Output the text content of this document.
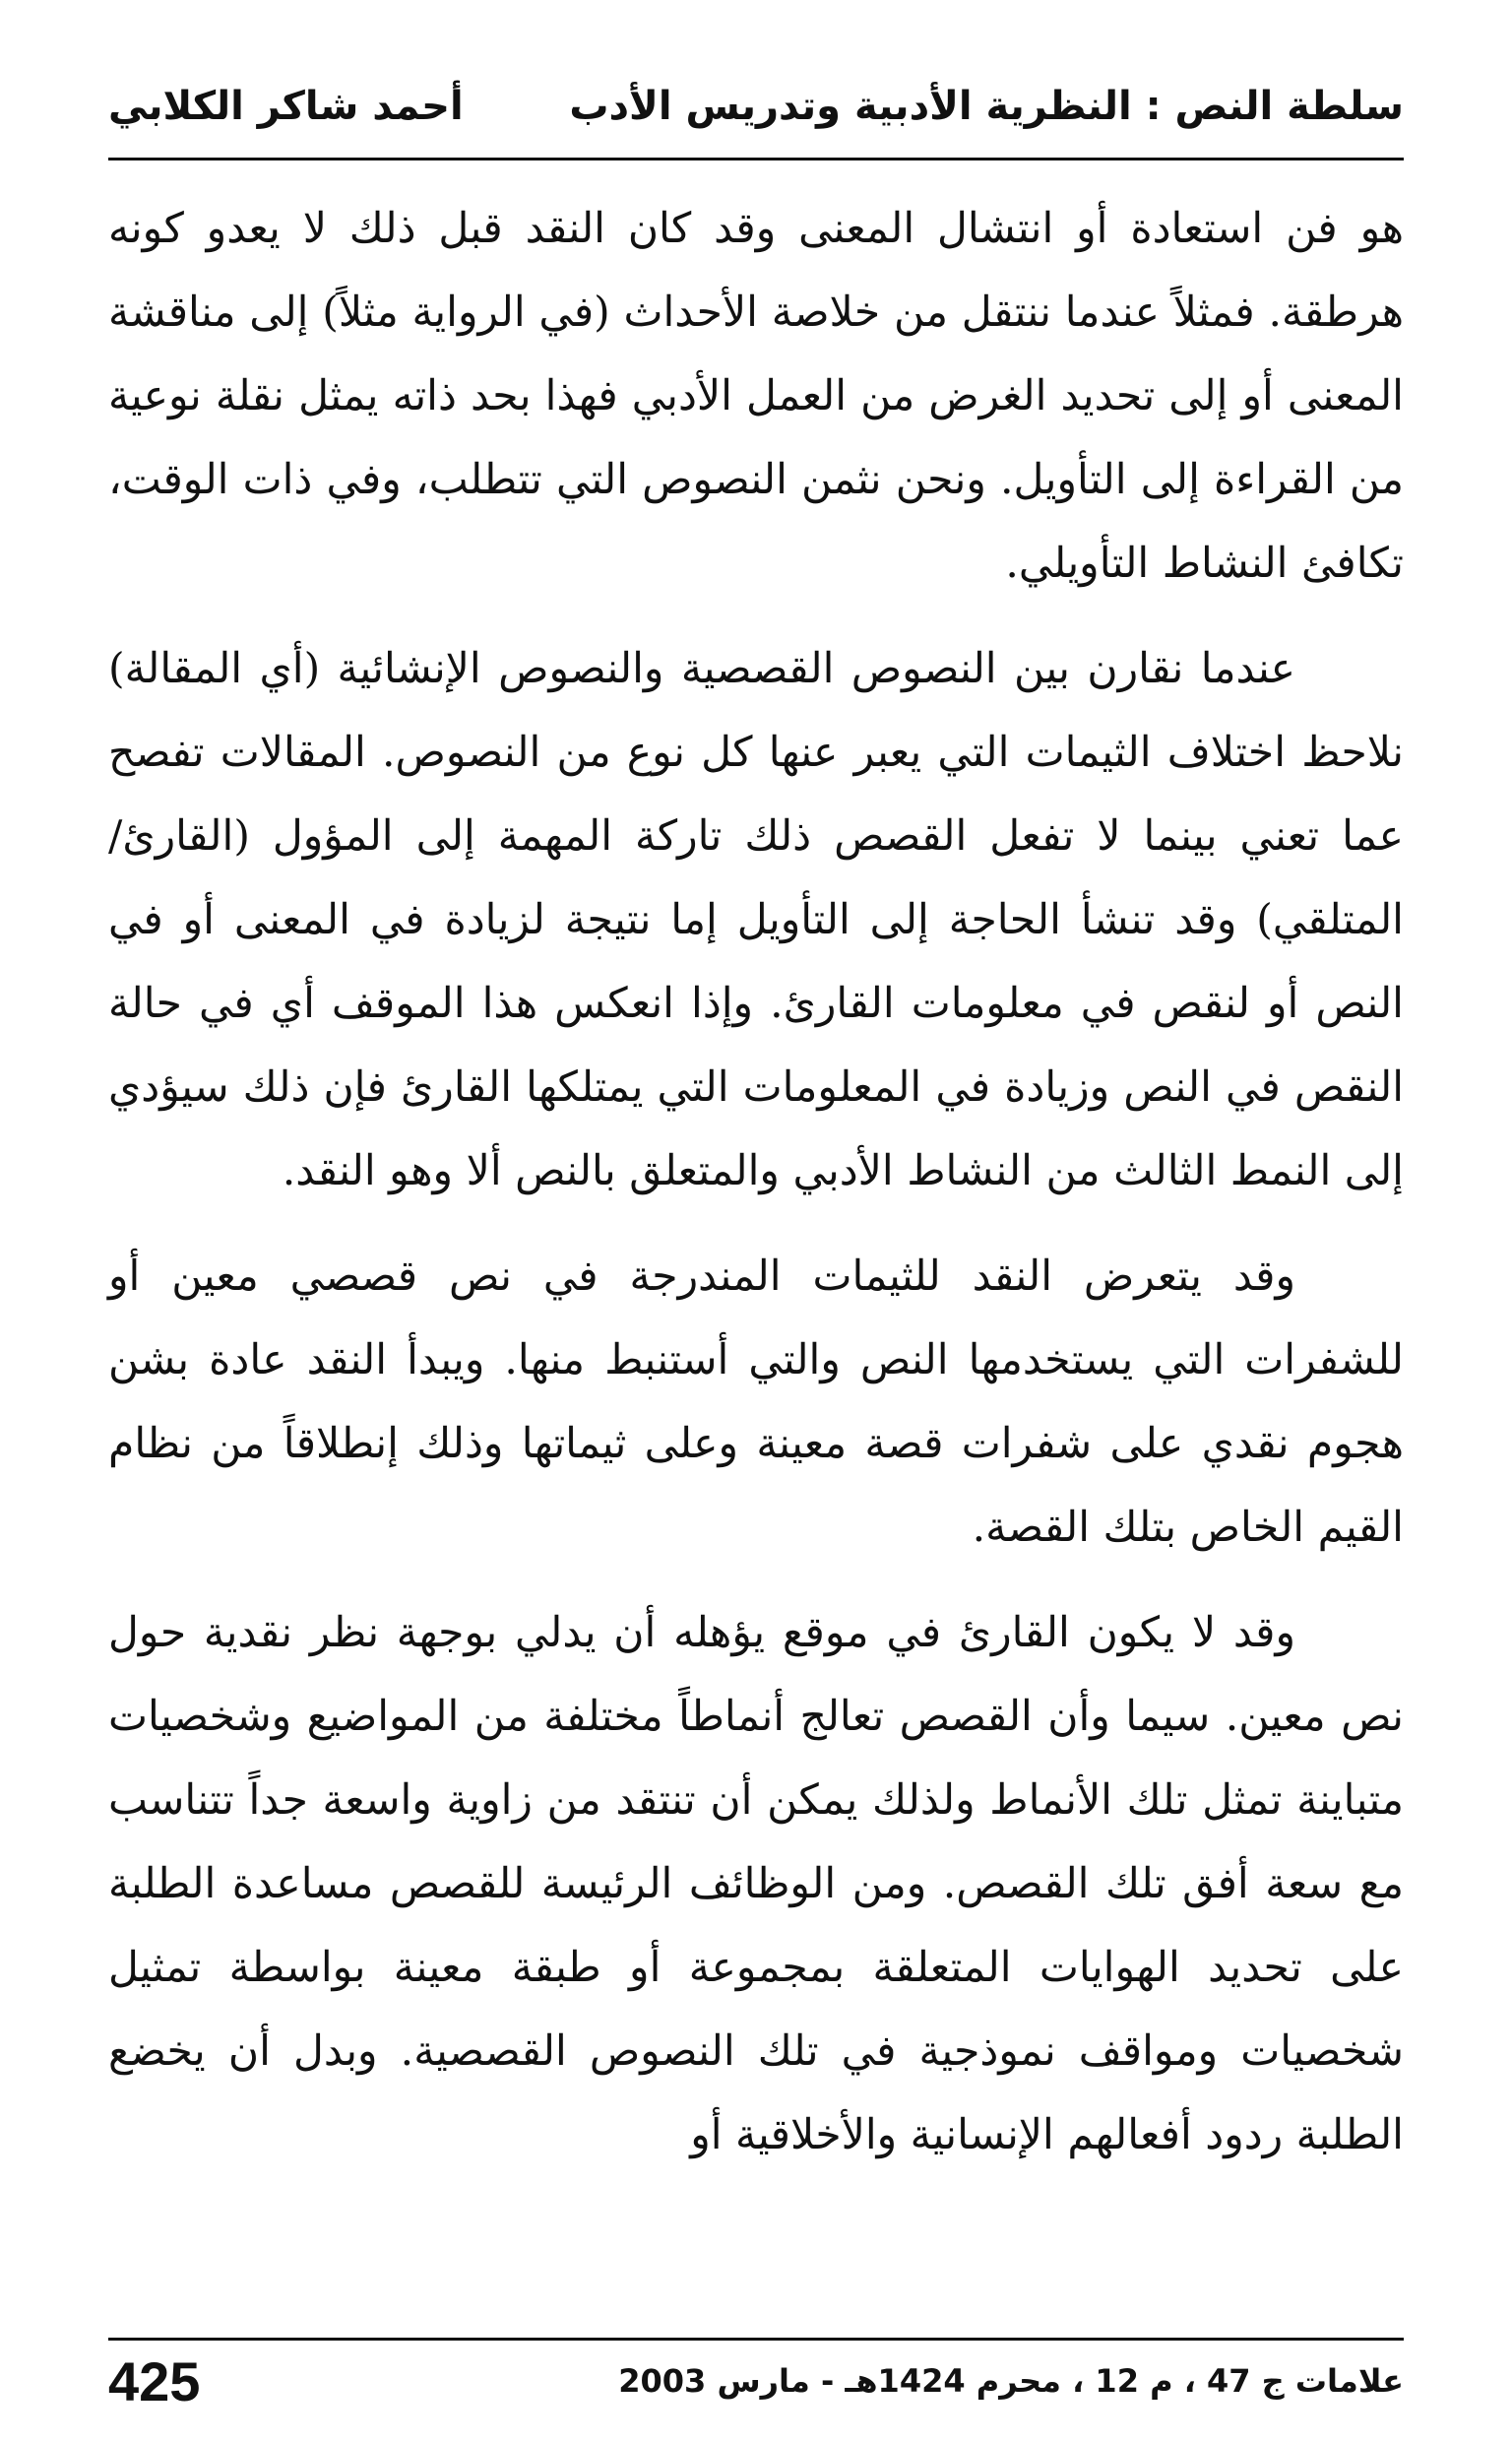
سلطة النص : النظرية الأدبية وتدريس الأدب
أحمد شاكر الكلابي

هو فن استعادة أو انتشال المعنى وقد كان النقد قبل ذلك لا يعدو كونه هرطقة. فمثلاً عندما ننتقل من خلاصة الأحداث (في الرواية مثلاً) إلى مناقشة المعنى أو إلى تحديد الغرض من العمل الأدبي فهذا بحد ذاته يمثل نقلة نوعية من القراءة إلى التأويل. ونحن نثمن النصوص التي تتطلب، وفي ذات الوقت، تكافئ النشاط التأويلي.

عندما نقارن بين النصوص القصصية والنصوص الإنشائية (أي المقالة) نلاحظ اختلاف الثيمات التي يعبر عنها كل نوع من النصوص. المقالات تفصح عما تعني بينما لا تفعل القصص ذلك تاركة المهمة إلى المؤول (القارئ/ المتلقي) وقد تنشأ الحاجة إلى التأويل إما نتيجة لزيادة في المعنى أو في النص أو لنقص في معلومات القارئ. وإذا انعكس هذا الموقف أي في حالة النقص في النص وزيادة في المعلومات التي يمتلكها القارئ فإن ذلك سيؤدي إلى النمط الثالث من النشاط الأدبي والمتعلق بالنص ألا وهو النقد.

وقد يتعرض النقد للثيمات المندرجة في نص قصصي معين أو للشفرات التي يستخدمها النص والتي أستنبط منها. ويبدأ النقد عادة بشن هجوم نقدي على شفرات قصة معينة وعلى ثيماتها وذلك إنطلاقاً من نظام القيم الخاص بتلك القصة.

وقد لا يكون القارئ في موقع يؤهله أن يدلي بوجهة نظر نقدية حول نص معين. سيما وأن القصص تعالج أنماطاً مختلفة من المواضيع وشخصيات متباينة تمثل تلك الأنماط ولذلك يمكن أن تنتقد من زاوية واسعة جداً تتناسب مع سعة أفق تلك القصص. ومن الوظائف الرئيسة للقصص مساعدة الطلبة على تحديد الهوايات المتعلقة بمجموعة أو طبقة معينة بواسطة تمثيل شخصيات ومواقف نموذجية في تلك النصوص القصصية. وبدل أن يخضع الطلبة ردود أفعالهم الإنسانية والأخلاقية أو

علامات ج 47 ، م 12 ، محرم 1424هـ - مارس 2003
425
